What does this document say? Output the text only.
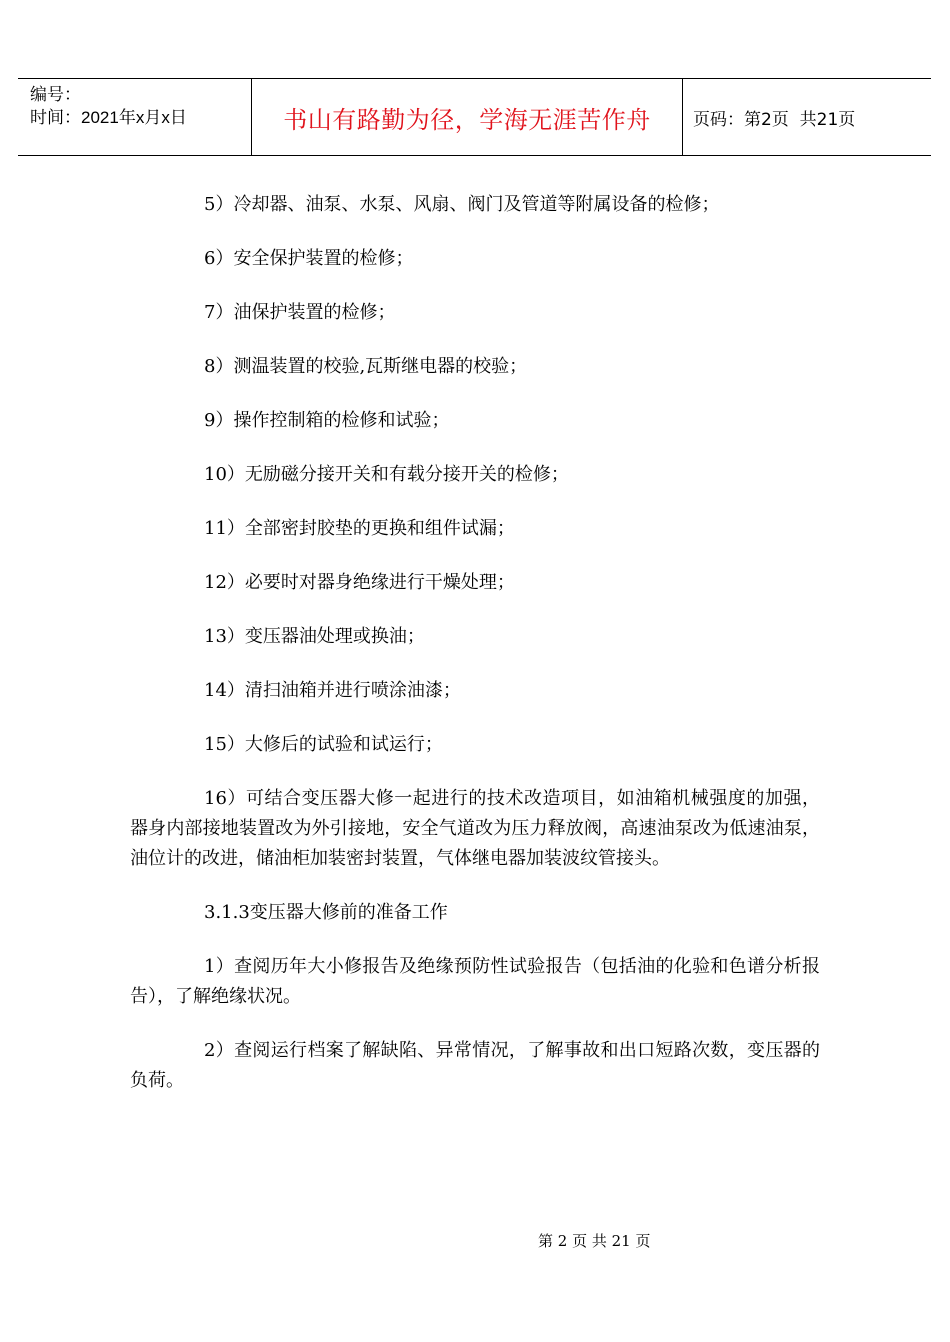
编号：
时间：2021年x月x日	书山有路勤为径，学海无涯苦作舟	页码：第2页  共21页

5）冷却器、油泵、水泵、风扇、阀门及管道等附属设备的检修；

6）安全保护装置的检修；

7）油保护装置的检修；

8）测温装置的校验,瓦斯继电器的校验；

9）操作控制箱的检修和试验；

10）无励磁分接开关和有载分接开关的检修；

11）全部密封胶垫的更换和组件试漏；

12）必要时对器身绝缘进行干燥处理；

13）变压器油处理或换油；

14）清扫油箱并进行喷涂油漆；

15）大修后的试验和试运行；

16）可结合变压器大修一起进行的技术改造项目，如油箱机械强度的加强，器身内部接地装置改为外引接地，安全气道改为压力释放阀，高速油泵改为低速油泵，油位计的改进，储油柜加装密封装置，气体继电器加装波纹管接头。

3.1.3变压器大修前的准备工作

1）查阅历年大小修报告及绝缘预防性试验报告（包括油的化验和色谱分析报告），了解绝缘状况。

2）查阅运行档案了解缺陷、异常情况，了解事故和出口短路次数，变压器的负荷。

第 2 页 共 21 页
